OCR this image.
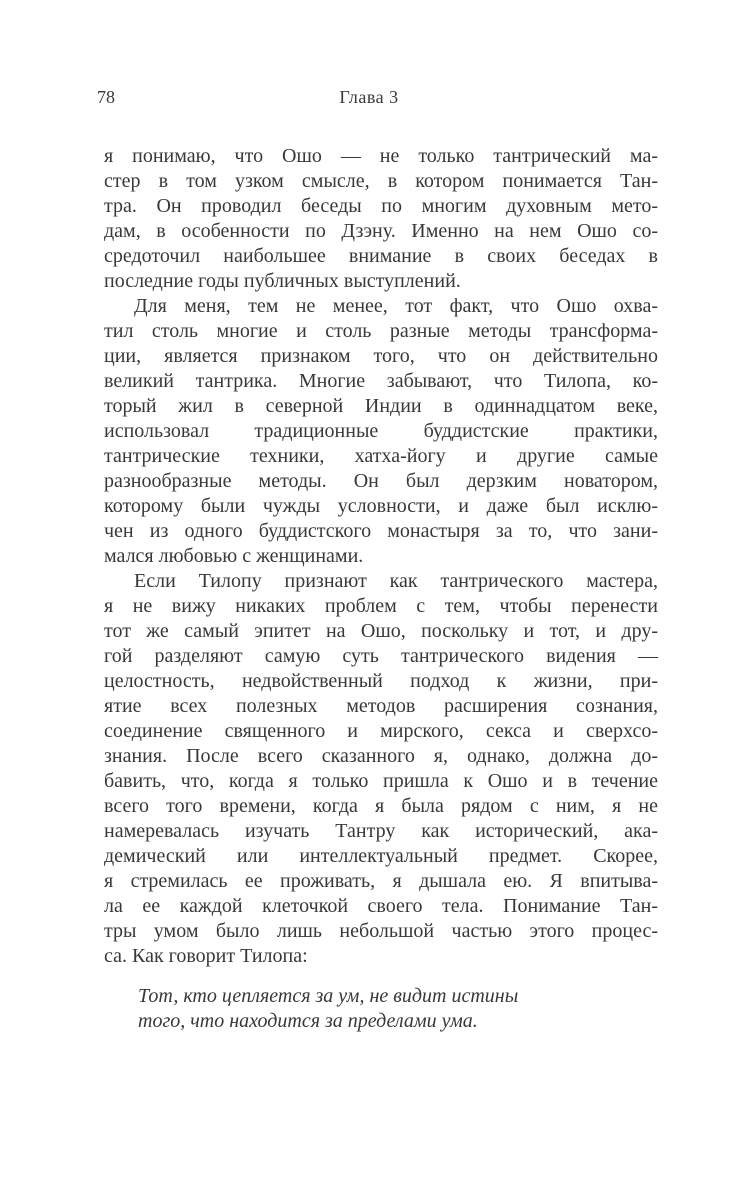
Глава 3
78

я понимаю, что Ошо — не только тантрический ма-
стер в том узком смысле, в котором понимается Тан-
тра. Он проводил беседы по многим духовным мето-
дам, в особенности по Дзэну. Именно на нем Ошо со-
средоточил наибольшее внимание в своих беседах в
последние годы публичных выступлений.

Для меня, тем не менее, тот факт, что Ошо охва-
тил столь многие и столь разные методы трансформа-
ции, является признаком того, что он действительно
великий тантрика. Многие забывают, что Тилопа, ко-
торый жил в северной Индии в одиннадцатом веке,
использовал традиционные буддистские практики,
тантрические техники, хатха-йогу и другие самые
разнообразные методы. Он был дерзким новатором,
которому были чужды условности, и даже был исклю-
чен из одного буддистского монастыря за то, что зани-
мался любовью с женщинами.

Если Тилопу признают как тантрического мастера,
я не вижу никаких проблем с тем, чтобы перенести
тот же самый эпитет на Ошо, поскольку и тот, и дру-
гой разделяют самую суть тантрического видения —
целостность, недвойственный подход к жизни, при-
ятие всех полезных методов расширения сознания,
соединение священного и мирского, секса и сверхсо-
знания. После всего сказанного я, однако, должна до-
бавить, что, когда я только пришла к Ошо и в течение
всего того времени, когда я была рядом с ним, я не
намеревалась изучать Тантру как исторический, ака-
демический или интеллектуальный предмет. Скорее,
я стремилась ее проживать, я дышала ею. Я впитыва-
ла ее каждой клеточкой своего тела. Понимание Тан-
тры умом было лишь небольшой частью этого процес-
са. Как говорит Тилопа:

Тот, кто цепляется за ум, не видит истины
того, что находится за пределами ума.
